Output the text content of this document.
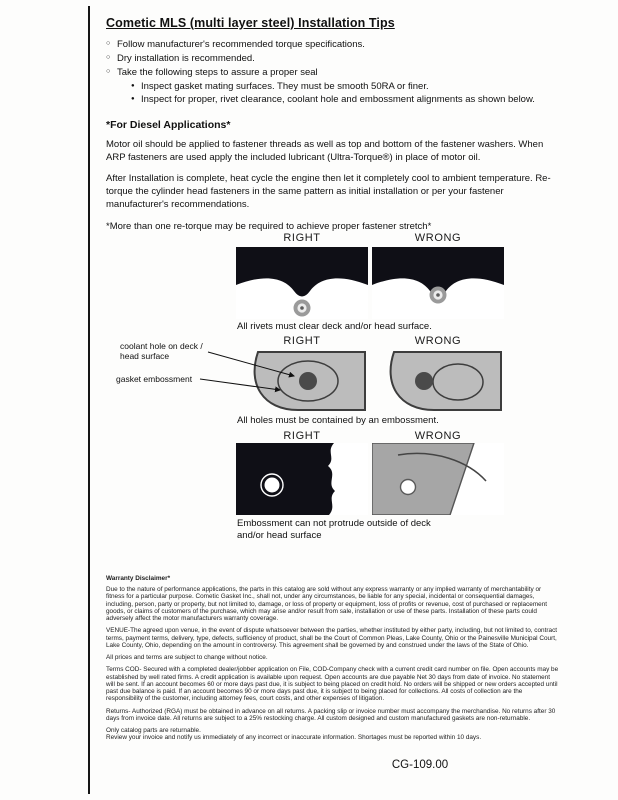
Cometic MLS (multi layer steel) Installation Tips
○ Follow manufacturer's recommended torque specifications.
○ Dry installation is recommended.
○ Take the following steps to assure a proper seal
● Inspect gasket mating surfaces. They must be smooth 50RA or finer.
● Inspect for proper, rivet clearance, coolant hole and embossment alignments as shown below.
*For Diesel Applications*

Motor oil should be applied to fastener threads as well as top and bottom of the fastener washers. When ARP fasteners are used apply the included lubricant (Ultra-Torque®) in place of motor oil.

After Installation is complete, heat cycle the engine then let it completely cool to ambient temperature. Re-torque the cylinder head fasteners in the same pattern as initial installation or per your fastener manufacturer's recommendations.

*More than one re-torque may be required to achieve proper fastener stretch*
RIGHT	WRONG
All rivets must clear deck and/or head surface.
RIGHT	WRONG
coolant hole on deck / head surface
gasket embossment
All holes must be contained by an embossment.
RIGHT	WRONG
Embossment can not protrude outside of deck and/or head surface
Warranty Disclaimer*

Due to the nature of performance applications, the parts in this catalog are sold without any express warranty or any implied warranty of merchantability or fitness for a particular purpose. Cometic Gasket Inc., shall not, under any circumstances, be liable for any special, incidental or consequential damages, including, person, party or property, but not limited to, damage, or loss of property or equipment, loss of profits or revenue, cost of purchased or replacement goods, or claims of customers of the purchase, which may arise and/or result from sale, installation or use of these parts. Installation of these parts could adversely affect the motor manufacturers warranty coverage.

VENUE-The agreed upon venue, in the event of dispute whatsoever between the parties, whether instituted by either party, including, but not limited to, contract terms, payment terms, delivery, type, defects, sufficiency of product, shall be the Court of Common Pleas, Lake County, Ohio or the Painesville Municipal Court, Lake County, Ohio, depending on the amount in controversy. This agreement shall be governed by and construed under the laws of the State of Ohio.

All prices and terms are subject to change without notice.

Terms COD- Secured with a completed dealer/jobber application on File, COD-Company check with a current credit card number on file. Open accounts may be established by well rated firms. A credit application is available upon request. Open accounts are due payable Net 30 days from date of invoice. No statement will be sent. If an account becomes 60 or more days past due, it is subject to being placed on credit hold. No orders will be shipped or new orders accepted until past due balance is paid. If an account becomes 90 or more days past due, it is subject to being placed for collections. All costs of collection are the responsibility of the customer, including attorney fees, court costs, and other expenses of litigation.

Returns- Authorized (RGA) must be obtained in advance on all returns. A packing slip or invoice number must accompany the merchandise. No returns after 30 days from invoice date. All returns are subject to a 25% restocking charge. All custom designed and custom manufactured gaskets are non-returnable.

Only catalog parts are returnable.

Review your invoice and notify us immediately of any incorrect or inaccurate information. Shortages must be reported within 10 days.

CG-109.00
